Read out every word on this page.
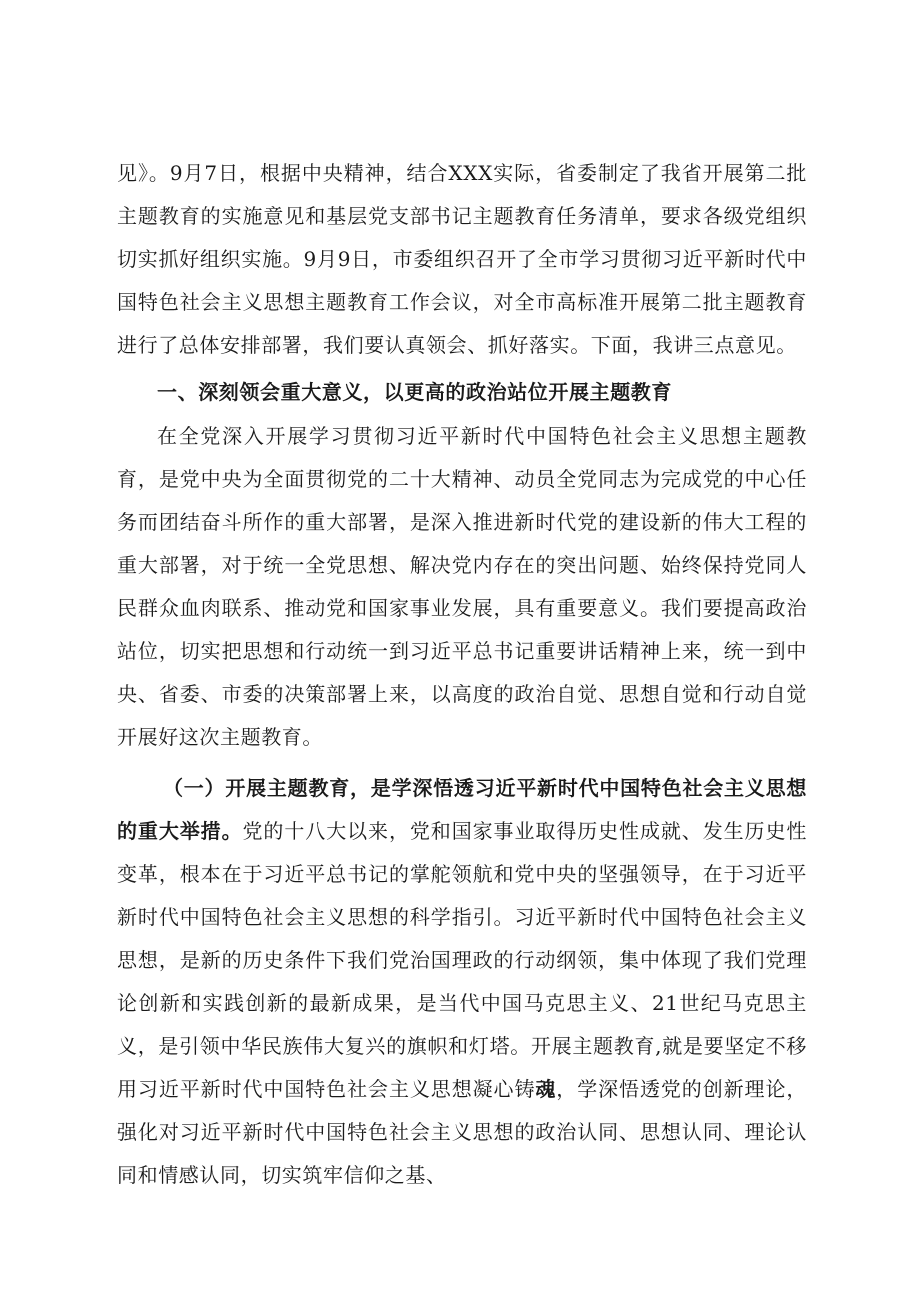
见》。9月7日，根据中央精神，结合XXX实际，省委制定了我省开展第二批主题教育的实施意见和基层党支部书记主题教育任务清单，要求各级党组织切实抓好组织实施。9月9日，市委组织召开了全市学习贯彻习近平新时代中国特色社会主义思想主题教育工作会议，对全市高标准开展第二批主题教育进行了总体安排部署，我们要认真领会、抓好落实。下面，我讲三点意见。

一、深刻领会重大意义，以更高的政治站位开展主题教育

在全党深入开展学习贯彻习近平新时代中国特色社会主义思想主题教育，是党中央为全面贯彻党的二十大精神、动员全党同志为完成党的中心任务而团结奋斗所作的重大部署，是深入推进新时代党的建设新的伟大工程的重大部署，对于统一全党思想、解决党内存在的突出问题、始终保持党同人民群众血肉联系、推动党和国家事业发展，具有重要意义。我们要提高政治站位，切实把思想和行动统一到习近平总书记重要讲话精神上来，统一到中央、省委、市委的决策部署上来，以高度的政治自觉、思想自觉和行动自觉开展好这次主题教育。

（一）开展主题教育，是学深悟透习近平新时代中国特色社会主义思想的重大举措。党的十八大以来，党和国家事业取得历史性成就、发生历史性变革，根本在于习近平总书记的掌舵领航和党中央的坚强领导，在于习近平新时代中国特色社会主义思想的科学指引。习近平新时代中国特色社会主义思想，是新的历史条件下我们党治国理政的行动纲领，集中体现了我们党理论创新和实践创新的最新成果，是当代中国马克思主义、21世纪马克思主义，是引领中华民族伟大复兴的旗帜和灯塔。开展主题教育,就是要坚定不移用习近平新时代中国特色社会主义思想凝心铸魂，学深悟透党的创新理论，强化对习近平新时代中国特色社会主义思想的政治认同、思想认同、理论认同和情感认同，切实筑牢信仰之基、
